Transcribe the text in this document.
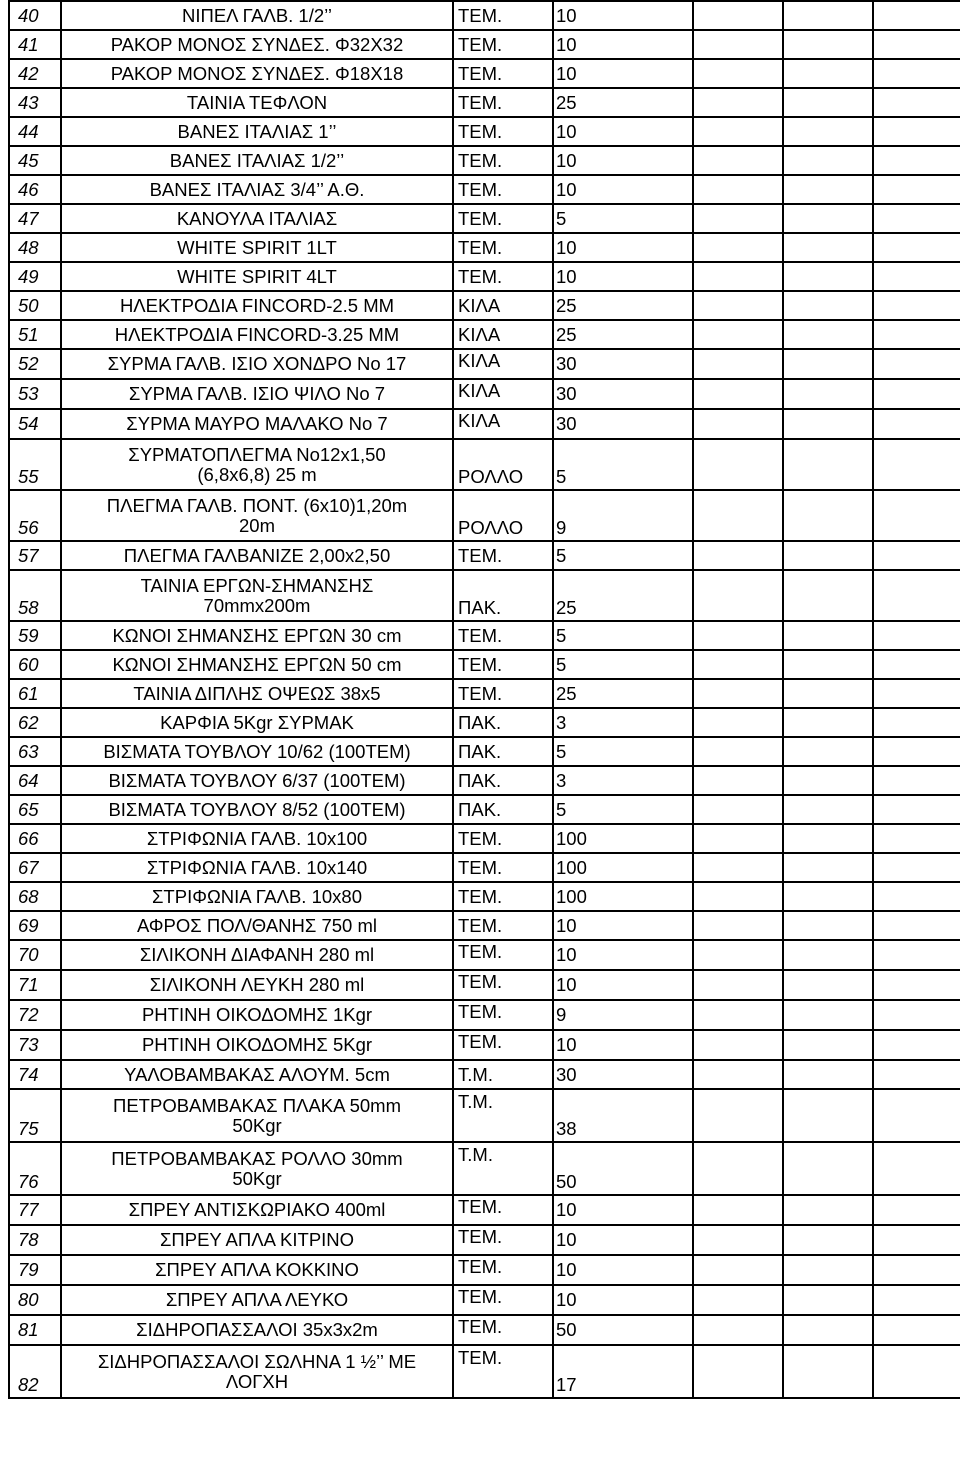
40	ΝΙΠΕΛ ΓΑΛΒ. 1/2’’	ΤΕΜ.	10			
41	ΡΑΚΟΡ ΜΟΝΟΣ ΣΥΝΔΕΣ. Φ32Χ32	ΤΕΜ.	10			
42	ΡΑΚΟΡ ΜΟΝΟΣ ΣΥΝΔΕΣ. Φ18Χ18	ΤΕΜ.	10			
43	ΤΑΙΝΙΑ ΤΕΦΛΟΝ	ΤΕΜ.	25			
44	ΒΑΝΕΣ ΙΤΑΛΙΑΣ 1’’	ΤΕΜ.	10			
45	ΒΑΝΕΣ ΙΤΑΛΙΑΣ 1/2’’	ΤΕΜ.	10			
46	ΒΑΝΕΣ ΙΤΑΛΙΑΣ 3/4’’ Α.Θ.	ΤΕΜ.	10			
47	ΚΑΝΟΥΛΑ ΙΤΑΛΙΑΣ	ΤΕΜ.	5			
48	WHITE SPIRIT 1LT	ΤΕΜ.	10			
49	WHITE SPIRIT 4LT	ΤΕΜ.	10			
50	ΗΛΕΚΤΡΟΔΙΑ FINCORD-2.5 MM	ΚΙΛΑ	25			
51	ΗΛΕΚΤΡΟΔΙΑ FINCORD-3.25 MM	ΚΙΛΑ	25			
52	ΣΥΡΜΑ ΓΑΛΒ. ΙΣΙΟ ΧΟΝΔΡΟ Νο 17	ΚΙΛΑ	30			
53	ΣΥΡΜΑ ΓΑΛΒ. ΙΣΙΟ ΨΙΛΟ Νο 7	ΚΙΛΑ	30			
54	ΣΥΡΜΑ ΜΑΥΡΟ ΜΑΛΑΚΟ Νο 7	ΚΙΛΑ	30			
55	ΣΥΡΜΑΤΟΠΛΕΓΜΑ Νο12x1,50
(6,8x6,8) 25 m	ΡΟΛΛΟ	5			
56	ΠΛΕΓΜΑ ΓΑΛΒ. ΠΟΝΤ. (6x10)1,20m
20m	ΡΟΛΛΟ	9			
57	ΠΛΕΓΜΑ ΓΑΛΒΑΝΙΖΕ 2,00x2,50	ΤΕΜ.	5			
58	ΤΑΙΝΙΑ ΕΡΓΩΝ-ΣΗΜΑΝΣΗΣ
70mmx200m	ΠΑΚ.	25			
59	ΚΩΝΟΙ ΣΗΜΑΝΣΗΣ ΕΡΓΩΝ 30 cm	ΤΕΜ.	5			
60	ΚΩΝΟΙ ΣΗΜΑΝΣΗΣ ΕΡΓΩΝ 50 cm	ΤΕΜ.	5			
61	ΤΑΙΝΙΑ ΔΙΠΛΗΣ ΟΨΕΩΣ 38x5	ΤΕΜ.	25			
62	ΚΑΡΦΙΑ 5Kgr ΣΥΡΜΑΚ	ΠΑΚ.	3			
63	ΒΙΣΜΑΤΑ ΤΟΥΒΛΟΥ 10/62 (100ΤΕΜ)	ΠΑΚ.	5			
64	ΒΙΣΜΑΤΑ ΤΟΥΒΛΟΥ 6/37 (100ΤΕΜ)	ΠΑΚ.	3			
65	ΒΙΣΜΑΤΑ ΤΟΥΒΛΟΥ 8/52 (100ΤΕΜ)	ΠΑΚ.	5			
66	ΣΤΡΙΦΩΝΙΑ ΓΑΛΒ. 10x100	ΤΕΜ.	100			
67	ΣΤΡΙΦΩΝΙΑ ΓΑΛΒ. 10x140	ΤΕΜ.	100			
68	ΣΤΡΙΦΩΝΙΑ ΓΑΛΒ. 10x80	ΤΕΜ.	100			
69	ΑΦΡΟΣ ΠΟΛ/ΘΑΝΗΣ 750 ml	ΤΕΜ.	10			
70	ΣΙΛΙΚΟΝΗ ΔΙΑΦΑΝΗ 280 ml	ΤΕΜ.	10			
71	ΣΙΛΙΚΟΝΗ ΛΕΥΚΗ 280 ml	ΤΕΜ.	10			
72	ΡΗΤΙΝΗ ΟΙΚΟΔΟΜΗΣ 1Kgr	ΤΕΜ.	9			
73	ΡΗΤΙΝΗ ΟΙΚΟΔΟΜΗΣ 5Kgr	ΤΕΜ.	10			
74	ΥΑΛΟΒΑΜΒΑΚΑΣ ΑΛΟΥΜ. 5cm	Τ.Μ.	30			
75	ΠΕΤΡΟΒΑΜΒΑΚΑΣ ΠΛΑΚΑ 50mm
50Kgr	Τ.Μ.	38			
76	ΠΕΤΡΟΒΑΜΒΑΚΑΣ ΡΟΛΛΟ 30mm
50Kgr	Τ.Μ.	50			
77	ΣΠΡΕΥ ΑΝΤΙΣΚΩΡΙΑΚΟ 400ml	ΤΕΜ.	10			
78	ΣΠΡΕΥ ΑΠΛΑ ΚΙΤΡΙΝΟ	ΤΕΜ.	10			
79	ΣΠΡΕΥ ΑΠΛΑ ΚΟΚΚΙΝΟ	ΤΕΜ.	10			
80	ΣΠΡΕΥ ΑΠΛΑ ΛΕΥΚΟ	ΤΕΜ.	10			
81	ΣΙΔΗΡΟΠΑΣΣΑΛΟΙ 35x3x2m	ΤΕΜ.	50			
82	ΣΙΔΗΡΟΠΑΣΣΑΛΟΙ ΣΩΛΗΝΑ 1 ½’’ ΜΕ
ΛΟΓΧΗ	ΤΕΜ.	17			
